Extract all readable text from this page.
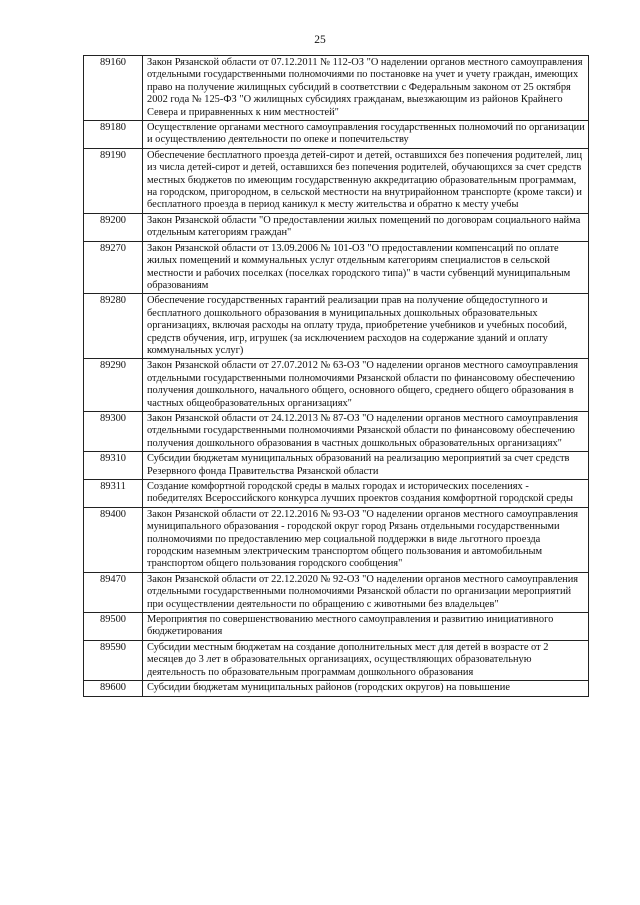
25
89160	Закон Рязанской области от 07.12.2011 № 112-ОЗ "О наделении органов местного самоуправления отдельными государственными полномочиями по постановке на учет и учету граждан, имеющих право на получение жилищных субсидий в соответствии с Федеральным законом от 25 октября 2002 года № 125-ФЗ "О жилищных субсидиях гражданам, выезжающим из районов Крайнего Севера и приравненных к ним местностей"
89180	Осуществление органами местного самоуправления государственных полномочий по организации и осуществлению деятельности по опеке и попечительству
89190	Обеспечение бесплатного проезда детей-сирот и детей, оставшихся без попечения родителей, лиц из числа детей-сирот и детей, оставшихся без попечения родителей, обучающихся за счет средств местных бюджетов по имеющим государственную аккредитацию образовательным программам, на городском, пригородном, в сельской местности на внутрирайонном транспорте (кроме такси) и бесплатного проезда в период каникул к месту жительства и обратно к месту учебы
89200	Закон Рязанской области "О предоставлении жилых помещений по договорам социального найма отдельным категориям граждан"
89270	Закон Рязанской области от 13.09.2006 № 101-ОЗ "О предоставлении компенсаций по оплате жилых помещений и коммунальных услуг отдельным категориям специалистов в сельской местности и рабочих поселках (поселках городского типа)" в части субвенций муниципальным образованиям
89280	Обеспечение государственных гарантий реализации прав на получение общедоступного и бесплатного дошкольного образования в муниципальных дошкольных образовательных организациях, включая расходы на оплату труда, приобретение учебников и учебных пособий, средств обучения, игр, игрушек (за исключением расходов на содержание зданий и оплату коммунальных услуг)
89290	Закон Рязанской области от 27.07.2012 № 63-ОЗ "О наделении органов местного самоуправления отдельными государственными полномочиями Рязанской области по финансовому обеспечению получения дошкольного, начального общего, основного общего, среднего общего образования в частных общеобразовательных организациях"
89300	Закон Рязанской области от 24.12.2013 № 87-ОЗ "О наделении органов местного самоуправления отдельными государственными полномочиями Рязанской области по финансовому обеспечению получения дошкольного образования в частных дошкольных образовательных организациях"
89310	Субсидии бюджетам муниципальных образований на реализацию мероприятий за счет средств Резервного фонда Правительства Рязанской области
89311	Создание комфортной городской среды в малых городах и исторических поселениях - победителях Всероссийского конкурса лучших проектов создания комфортной городской среды
89400	Закон Рязанской области от 22.12.2016 № 93-ОЗ "О наделении органов местного самоуправления муниципального образования - городской округ город Рязань отдельными государственными полномочиями по предоставлению мер социальной поддержки в виде льготного проезда городским наземным электрическим транспортом общего пользования и автомобильным транспортом общего пользования городского сообщения"
89470	Закон Рязанской области от 22.12.2020 № 92-ОЗ "О наделении органов местного самоуправления отдельными государственными полномочиями Рязанской области по организации мероприятий при осуществлении деятельности по обращению с животными без владельцев"
89500	Мероприятия по совершенствованию местного самоуправления и развитию инициативного бюджетирования
89590	Субсидии местным бюджетам на создание дополнительных мест для детей в возрасте от 2 месяцев до 3 лет в образовательных организациях, осуществляющих образовательную деятельность по образовательным программам дошкольного образования
89600	Субсидии бюджетам муниципальных районов (городских округов) на повышение
